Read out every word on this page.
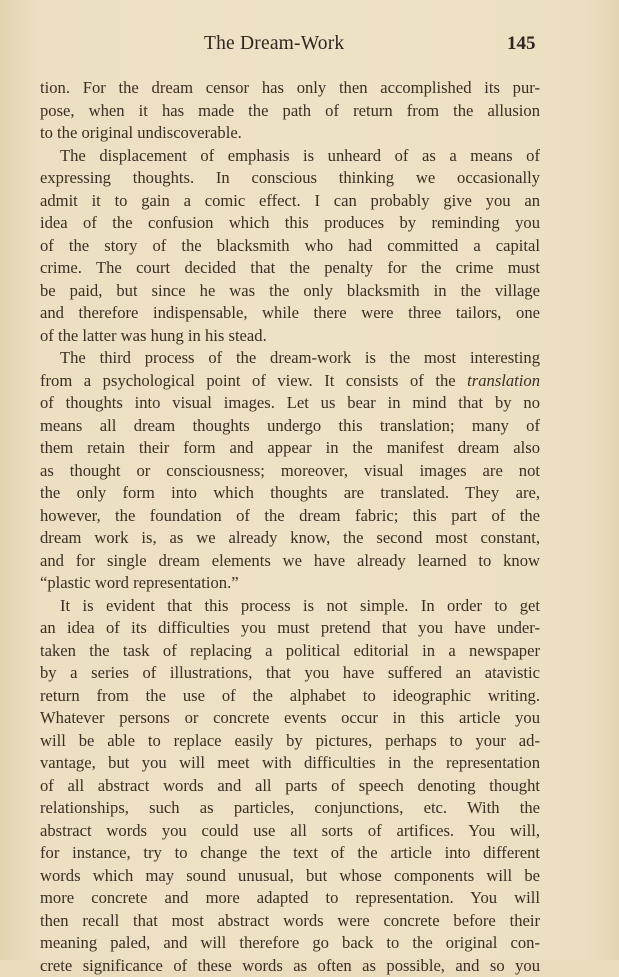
The Dream-Work	145
tion. For the dream censor has only then accomplished its pur-
pose, when it has made the path of return from the allusion
to the original undiscoverable.
The displacement of emphasis is unheard of as a means of
expressing thoughts. In conscious thinking we occasionally
admit it to gain a comic effect. I can probably give you an
idea of the confusion which this produces by reminding you
of the story of the blacksmith who had committed a capital
crime. The court decided that the penalty for the crime must
be paid, but since he was the only blacksmith in the village
and therefore indispensable, while there were three tailors, one
of the latter was hung in his stead.
The third process of the dream-work is the most interesting
from a psychological point of view. It consists of the translation
of thoughts into visual images. Let us bear in mind that by no
means all dream thoughts undergo this translation; many of
them retain their form and appear in the manifest dream also
as thought or consciousness; moreover, visual images are not
the only form into which thoughts are translated. They are,
however, the foundation of the dream fabric; this part of the
dream work is, as we already know, the second most constant,
and for single dream elements we have already learned to know
“plastic word representation.”
It is evident that this process is not simple. In order to get
an idea of its difficulties you must pretend that you have under-
taken the task of replacing a political editorial in a newspaper
by a series of illustrations, that you have suffered an atavistic
return from the use of the alphabet to ideographic writing.
Whatever persons or concrete events occur in this article you
will be able to replace easily by pictures, perhaps to your ad-
vantage, but you will meet with difficulties in the representation
of all abstract words and all parts of speech denoting thought
relationships, such as particles, conjunctions, etc. With the
abstract words you could use all sorts of artifices. You will,
for instance, try to change the text of the article into different
words which may sound unusual, but whose components will be
more concrete and more adapted to representation. You will
then recall that most abstract words were concrete before their
meaning paled, and will therefore go back to the original con-
crete significance of these words as often as possible, and so you
